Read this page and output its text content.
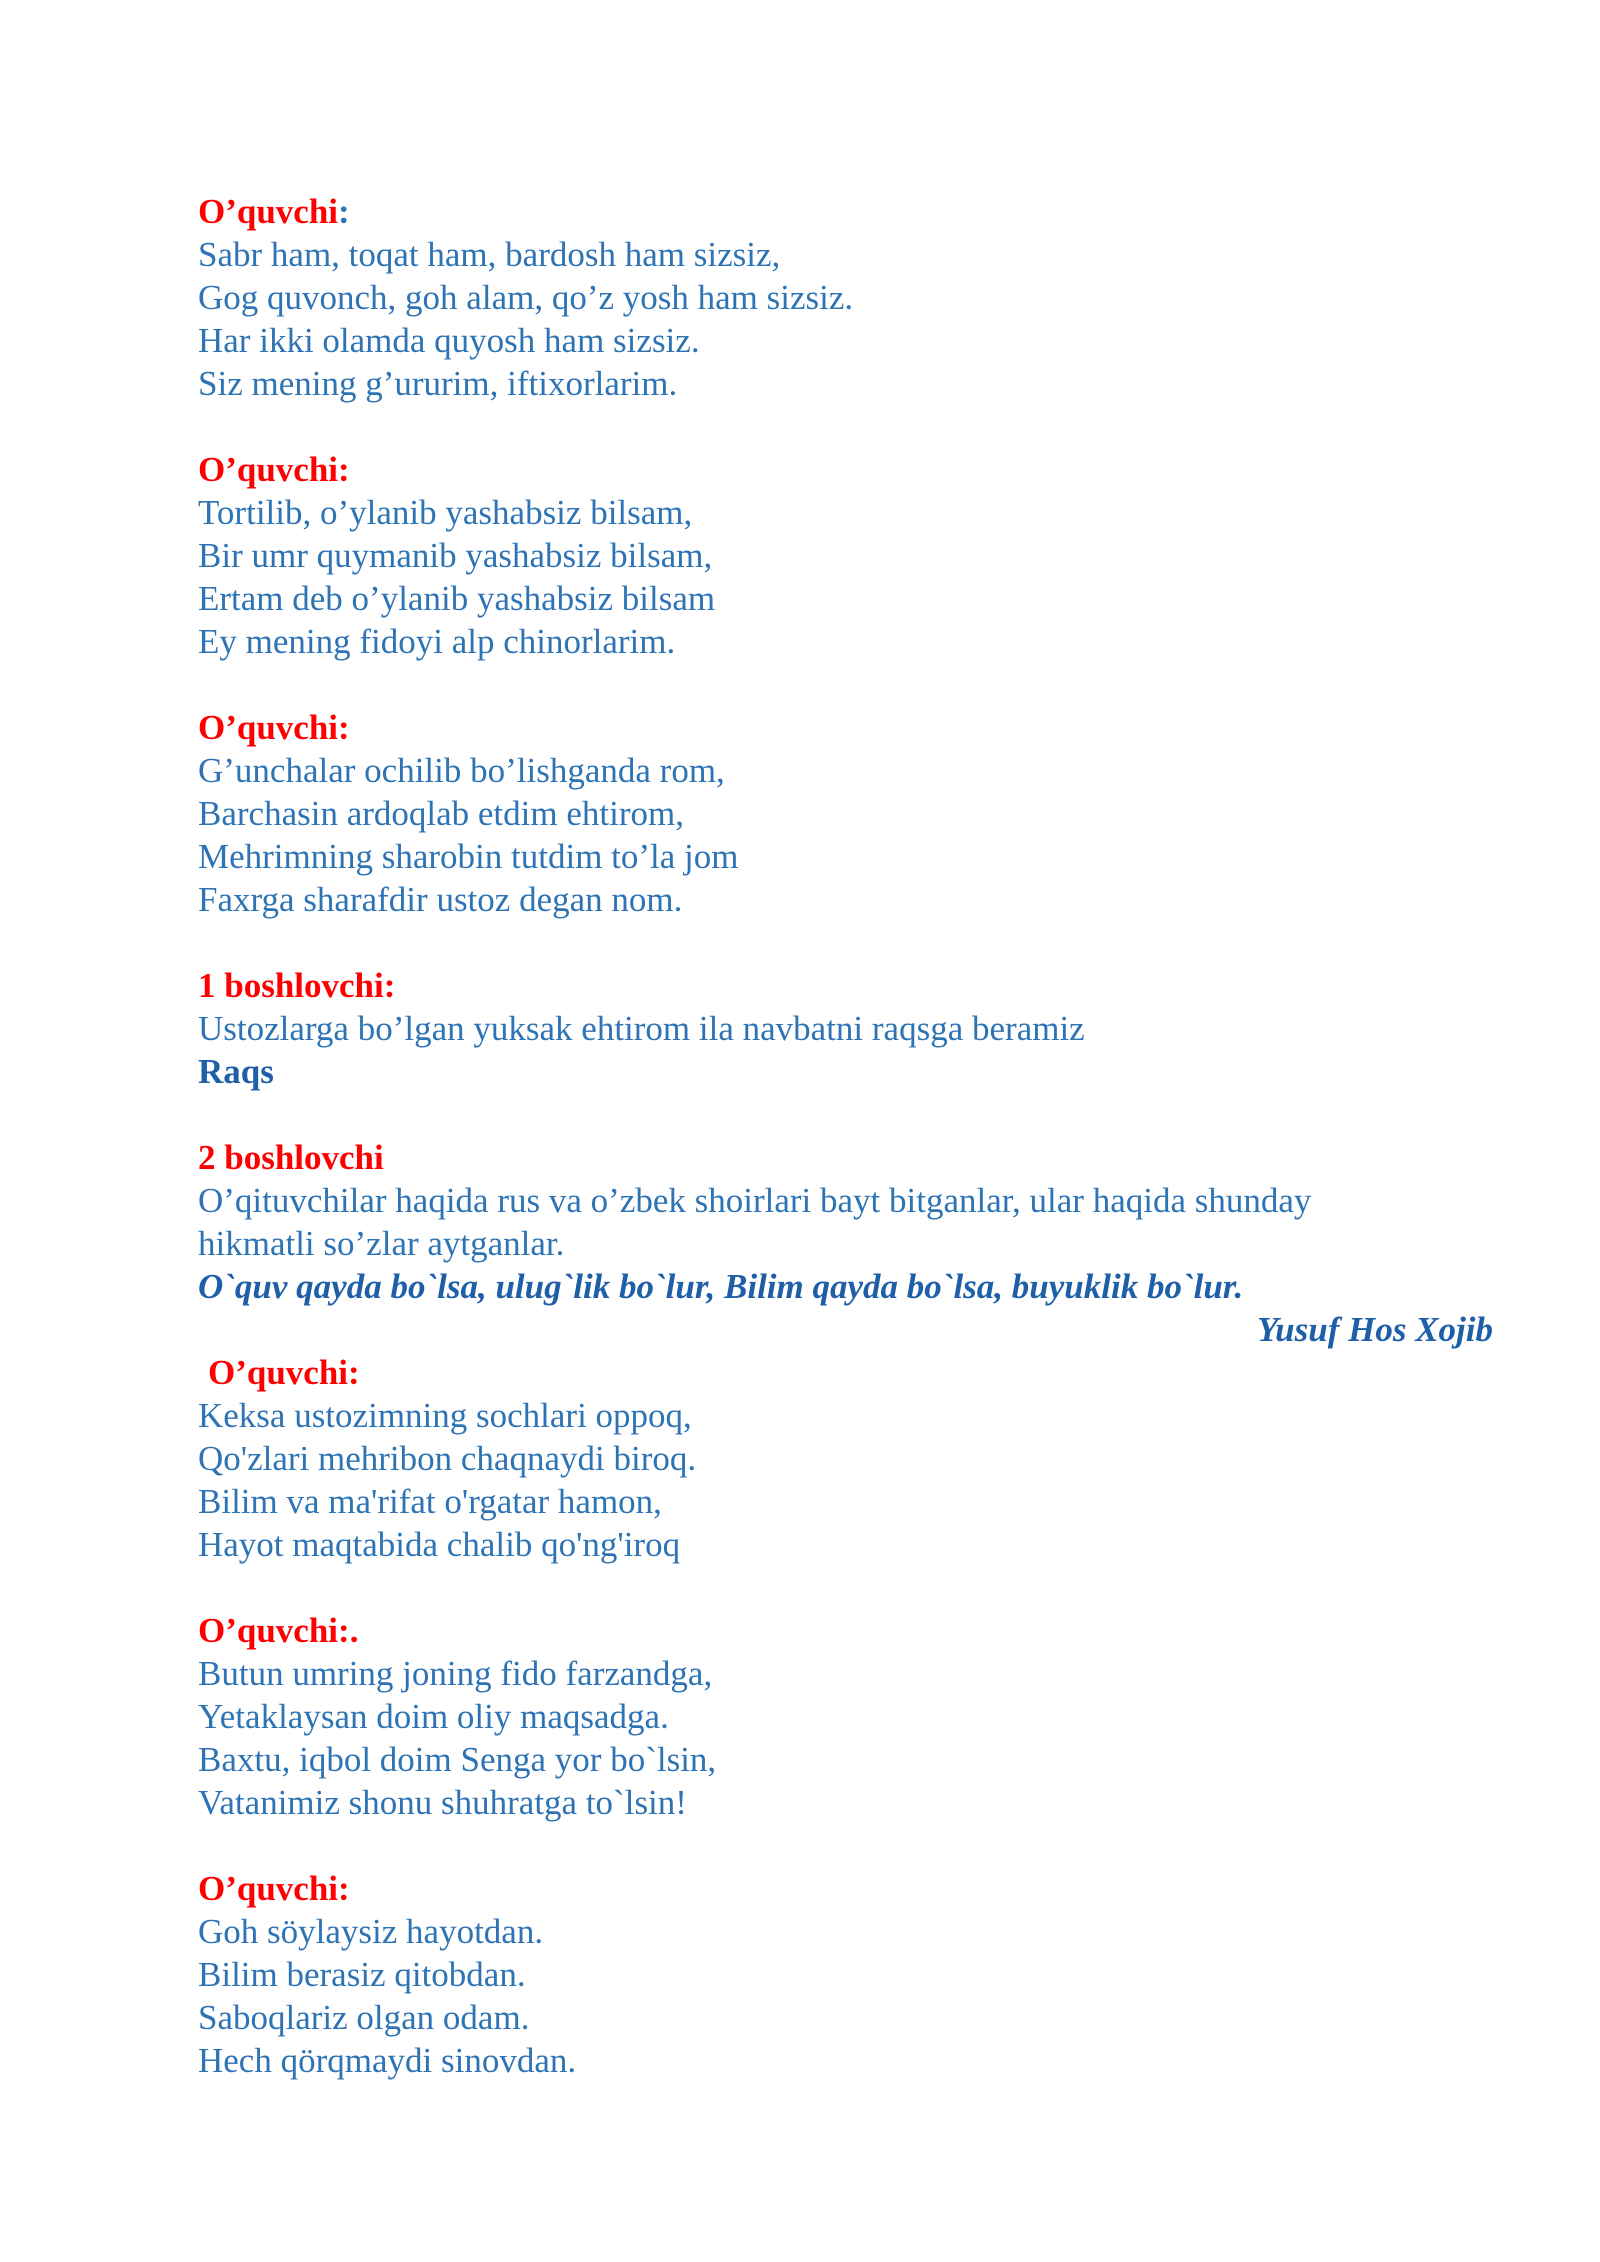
O’quvchi:
Sabr ham, toqat ham, bardosh ham sizsiz,
Gog quvonch, goh alam, qo’z yosh ham sizsiz.
Har ikki olamda quyosh ham sizsiz.
Siz mening g’ururim, iftixorlarim.
O’quvchi:
Tortilib, o’ylanib yashabsiz bilsam,
Bir umr quymanib yashabsiz bilsam,
Ertam deb o’ylanib yashabsiz bilsam
Ey mening fidoyi alp chinorlarim.
O’quvchi:
G’unchalar ochilib bo’lishganda rom,
Barchasin ardoqlab etdim ehtirom,
Mehrimning sharobin tutdim to’la jom
Faxrga sharafdir ustoz degan nom.
1 boshlovchi:
Ustozlarga bo’lgan yuksak ehtirom ila navbatni raqsga beramiz
Raqs
2 boshlovchi
O’qituvchilar haqida rus va o’zbek shoirlari bayt bitganlar, ular haqida shunday
hikmatli so’zlar aytganlar.
O`quv qayda bo`lsa, ulug`lik bo`lur, Bilim qayda bo`lsa, buyuklik bo`lur.
Yusuf Hos Xojib
O’quvchi:
Keksa ustozimning sochlari oppoq,
Qo'zlari mehribon chaqnaydi biroq.
Bilim va ma'rifat o'rgatar hamon,
Hayot maqtabida chalib qo'ng'iroq
O’quvchi:.
Butun umring joning fido farzandga,
Yetaklaysan doim oliy maqsadga.
Baxtu, iqbol doim Senga yor bo`lsin,
Vatanimiz shonu shuhratga to`lsin!
O’quvchi:
Goh söylaysiz hayotdan.
Bilim berasiz qitobdan.
Saboqlariz olgan odam.
Hech qörqmaydi sinovdan.
